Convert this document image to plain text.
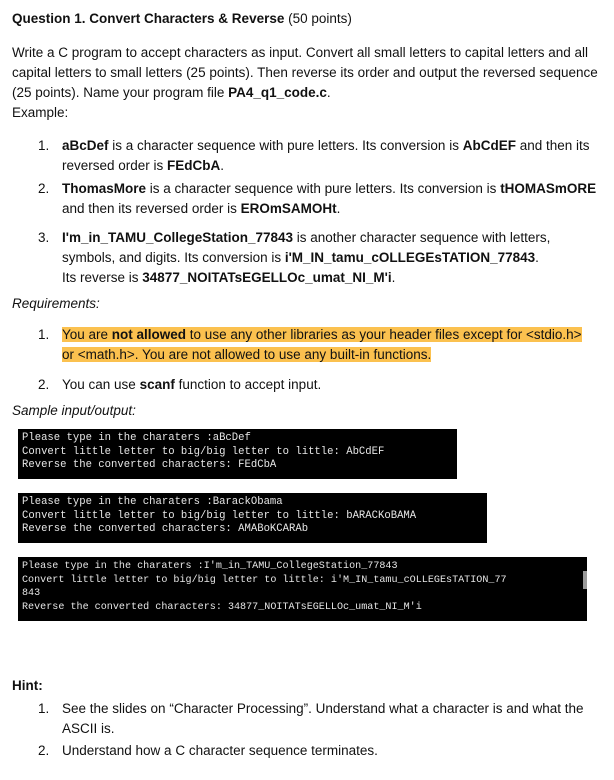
Question 1. Convert Characters & Reverse (50 points)
Write a C program to accept characters as input. Convert all small letters to capital letters and all capital letters to small letters (25 points). Then reverse its order and output the reversed sequence (25 points). Name your program file PA4_q1_code.c.
Example:
1. aBcDef is a character sequence with pure letters. Its conversion is AbCdEF and then its
reversed order is FEdCbA.
2. ThomasMore is a character sequence with pure letters. Its conversion is tHOMASmORE
and then its reversed order is EROmSAMOHt.
3. I'm_in_TAMU_CollegeStation_77843 is another character sequence with letters,
symbols, and digits. Its conversion is i'M_IN_tamu_cOLLEGEsTATION_77843.
Its reverse is 34877_NOITATsEGELLOc_umat_NI_M'i.
Requirements:
1. You are not allowed to use any other libraries as your header files except for <stdio.h>
or <math.h>. You are not allowed to use any built-in functions.
2. You can use scanf function to accept input.
Sample input/output:
Please type in the charaters :aBcDef
Convert little letter to big/big letter to little: AbCdEF
Reverse the converted characters: FEdCbA
Please type in the charaters :BarackObama
Convert little letter to big/big letter to little: bARACKoBAMA
Reverse the converted characters: AMABoKCARAb
Please type in the charaters :I'm_in_TAMU_CollegeStation_77843
Convert little letter to big/big letter to little: i'M_IN_tamu_cOLLEGEsTATION_77
843
Reverse the converted characters: 34877_NOITATsEGELLOc_umat_NI_M'i
Hint:
1. See the slides on “Character Processing”. Understand what a character is and what the
ASCII is.
2. Understand how a C character sequence terminates.
